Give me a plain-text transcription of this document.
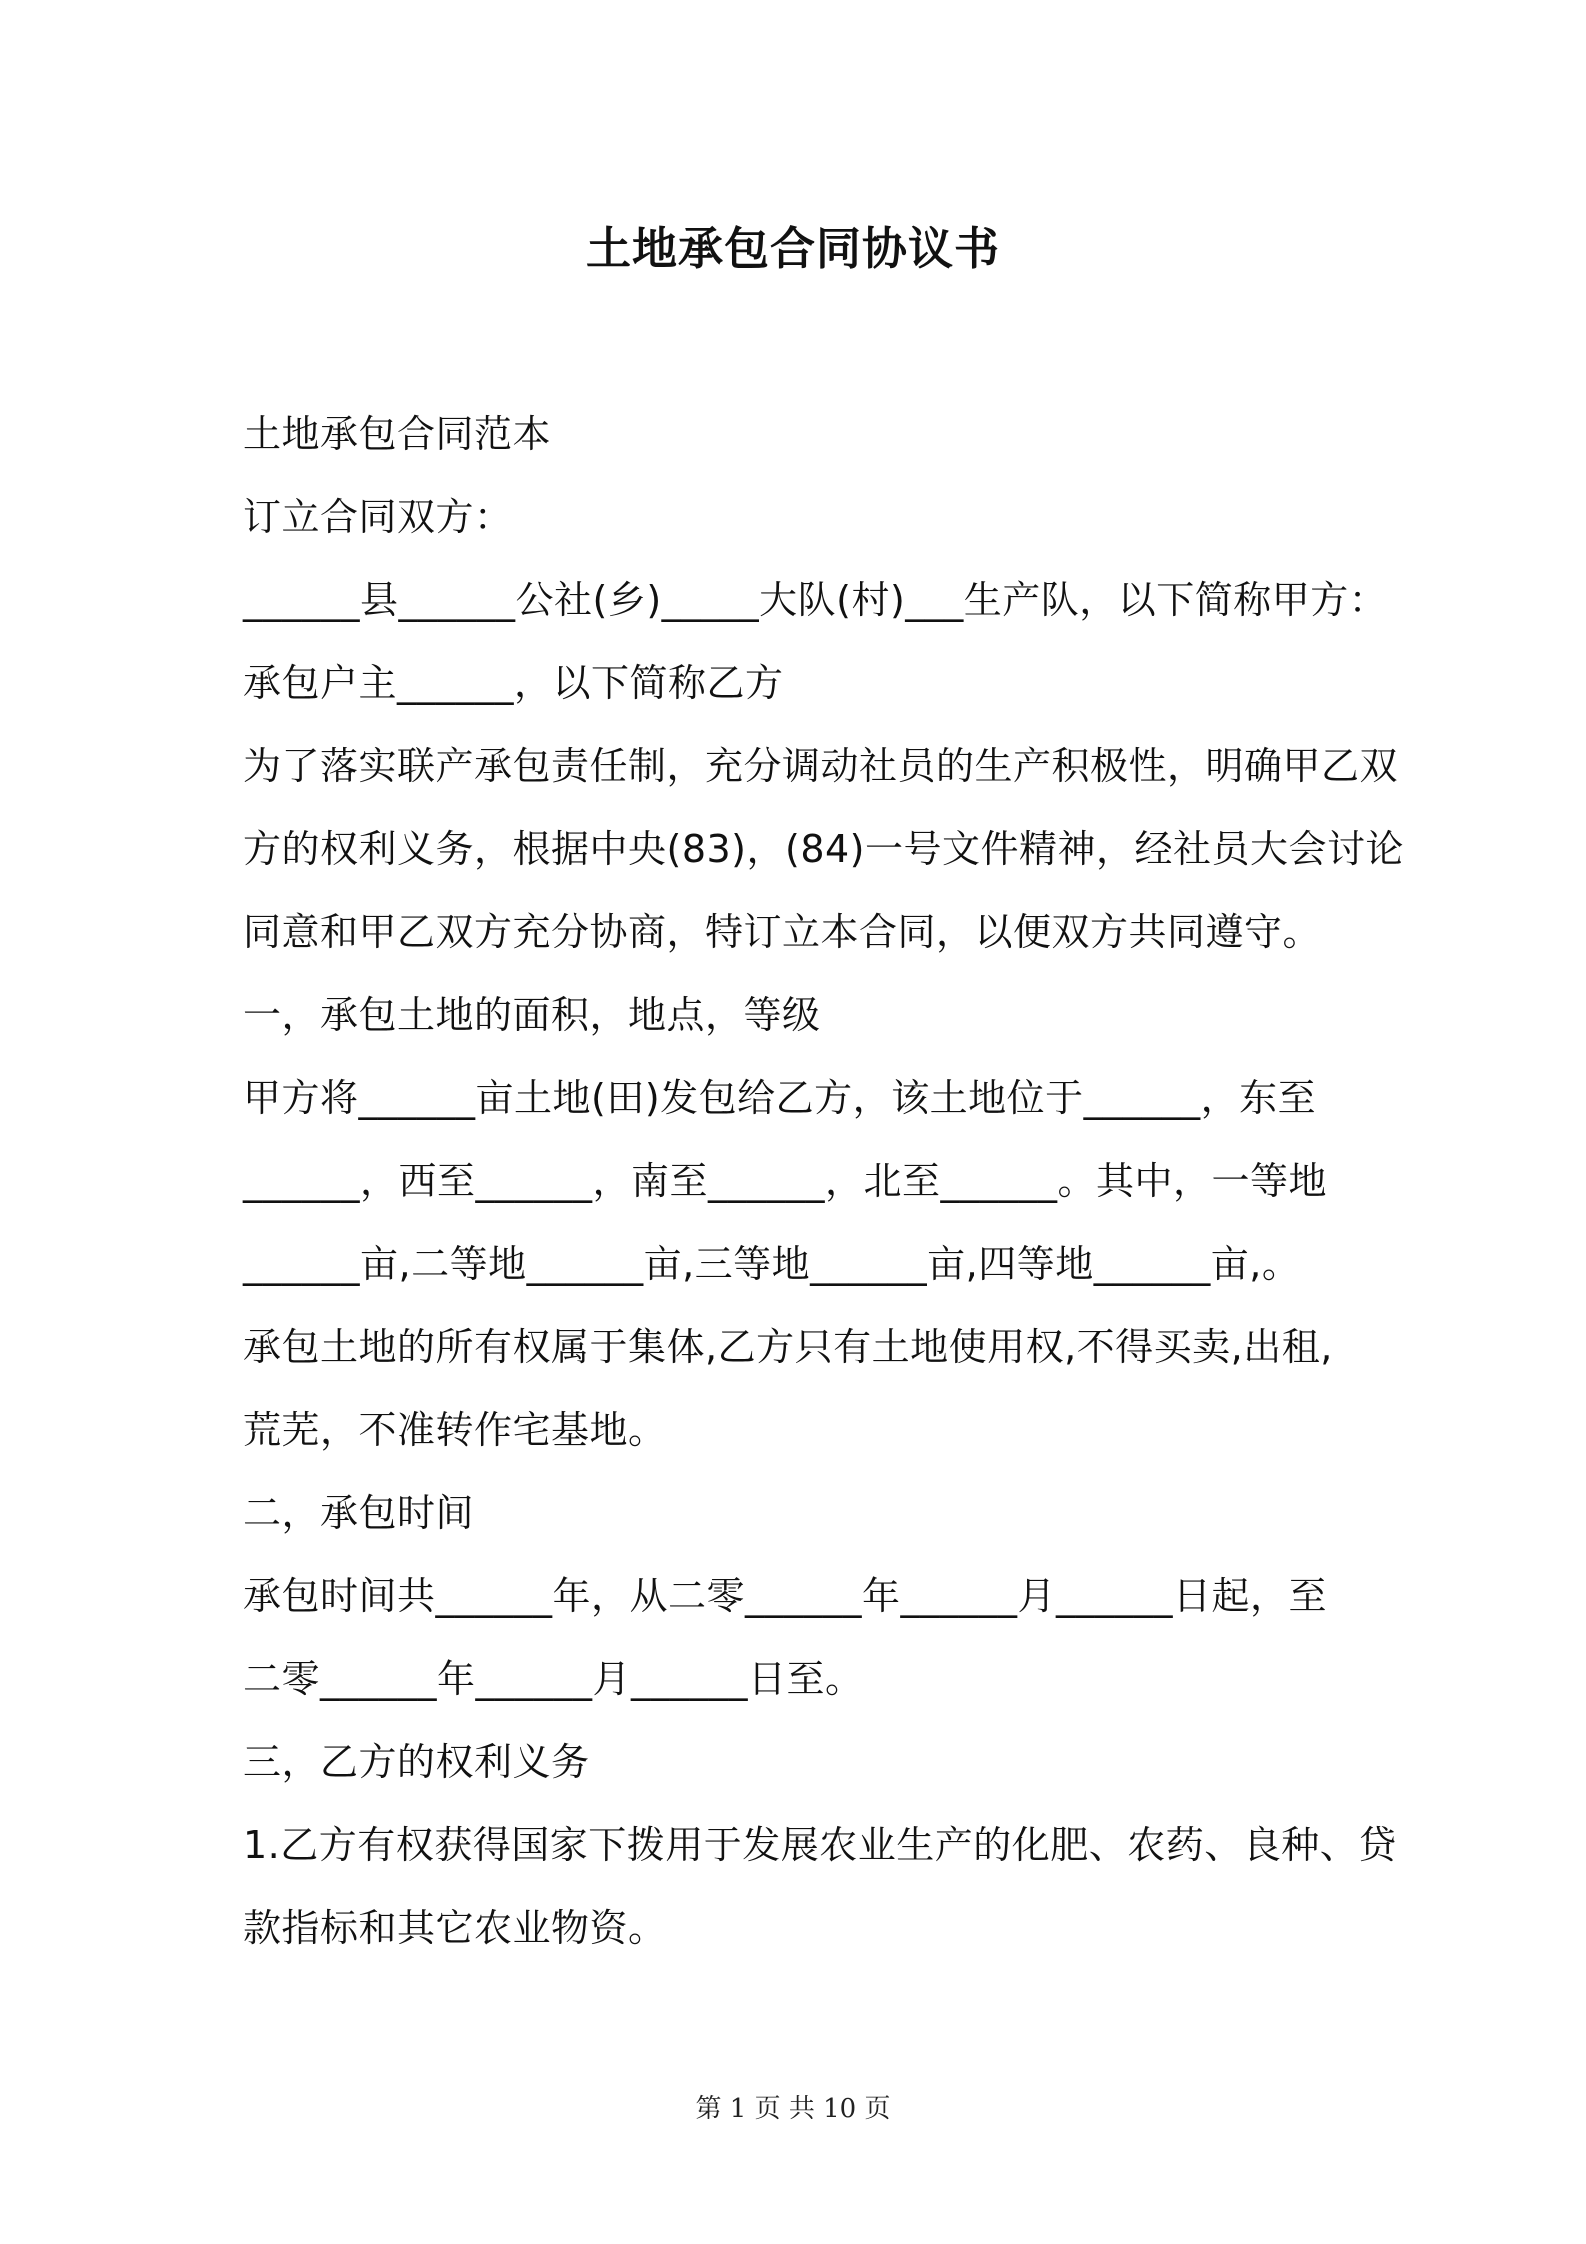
土地承包合同协议书

土地承包合同范本

订立合同双方：

______县______公社(乡)_____大队(村)___生产队，以下简称甲方：

承包户主______，以下简称乙方

为了落实联产承包责任制，充分调动社员的生产积极性，明确甲乙双

方的权利义务，根据中央(83)，(84)一号文件精神，经社员大会讨论

同意和甲乙双方充分协商，特订立本合同，以便双方共同遵守。

一，承包土地的面积，地点，等级

甲方将______亩土地(田)发包给乙方，该土地位于______，东至

______，西至______，南至______，北至______。其中，一等地

______亩,二等地______亩,三等地______亩,四等地______亩,。

承包土地的所有权属于集体,乙方只有土地使用权,不得买卖,出租,

荒芜，不准转作宅基地。

二，承包时间

承包时间共______年，从二零______年______月______日起，至

二零______年______月______日至。

三，乙方的权利义务

1.乙方有权获得国家下拨用于发展农业生产的化肥、农药、良种、贷

款指标和其它农业物资。

第 1 页 共 10 页
